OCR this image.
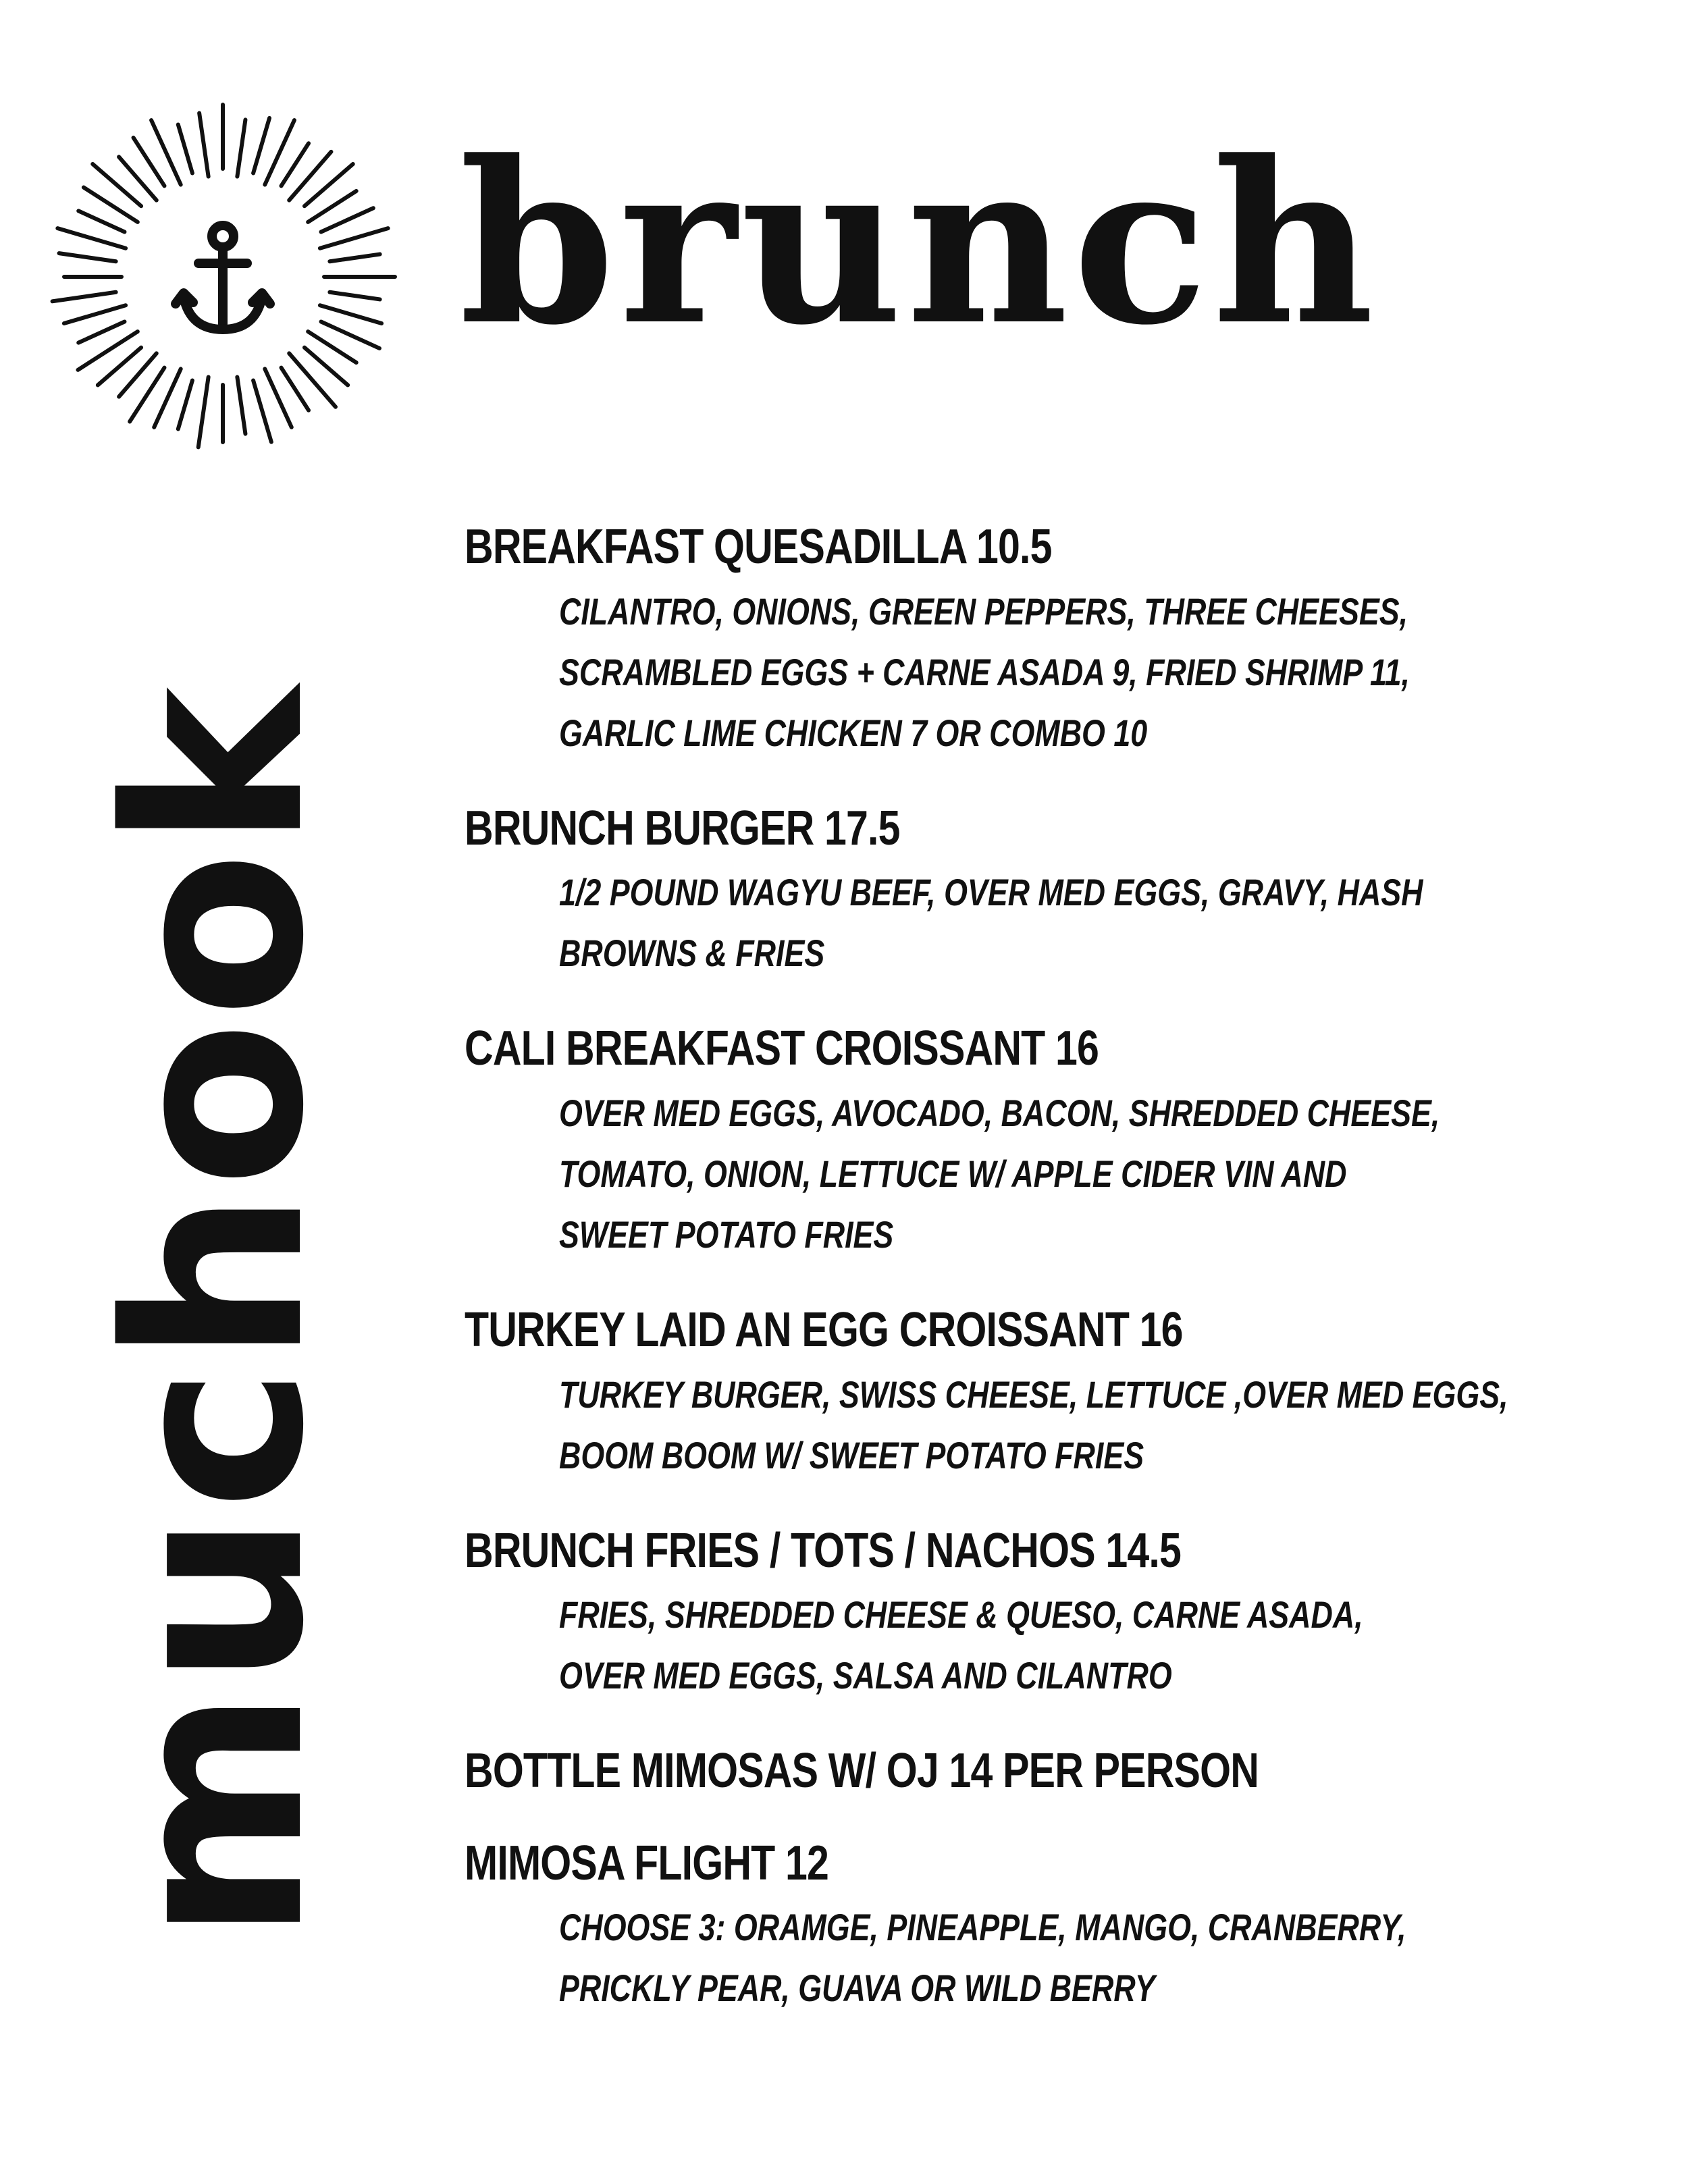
brunch
muchook
BREAKFAST QUESADILLA 10.5
CILANTRO, ONIONS, GREEN PEPPERS, THREE CHEESES,
SCRAMBLED EGGS + CARNE ASADA 9, FRIED SHRIMP 11,
GARLIC LIME CHICKEN 7 OR COMBO 10
BRUNCH BURGER 17.5
1/2 POUND WAGYU BEEF, OVER MED EGGS, GRAVY, HASH
BROWNS & FRIES
CALI BREAKFAST CROISSANT 16
OVER MED EGGS, AVOCADO, BACON, SHREDDED CHEESE,
TOMATO, ONION, LETTUCE W/ APPLE CIDER VIN AND
SWEET POTATO FRIES
TURKEY LAID AN EGG CROISSANT 16
TURKEY BURGER, SWISS CHEESE, LETTUCE ,OVER MED EGGS,
BOOM BOOM W/ SWEET POTATO FRIES
BRUNCH FRIES / TOTS / NACHOS 14.5
FRIES, SHREDDED CHEESE & QUESO, CARNE ASADA,
OVER MED EGGS, SALSA AND CILANTRO
BOTTLE MIMOSAS W/ OJ 14 PER PERSON
MIMOSA FLIGHT 12
CHOOSE 3: ORAMGE, PINEAPPLE, MANGO, CRANBERRY,
PRICKLY PEAR, GUAVA OR WILD BERRY
